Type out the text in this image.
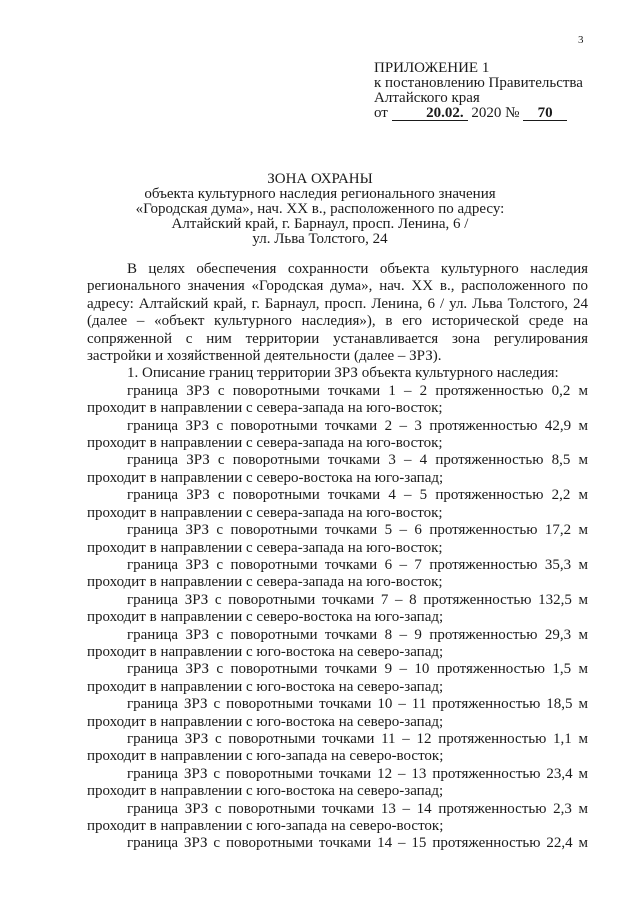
3
ПРИЛОЖЕНИЕ 1
к постановлению Правительства
Алтайского края
от	20.02. 2020 № 70
ЗОНА ОХРАНЫ
объекта культурного наследия регионального значения
«Городская дума», нач. XX в., расположенного по адресу:
Алтайский край, г. Барнаул, просп. Ленина, 6 /
ул. Льва Толстого, 24

В целях обеспечения сохранности объекта культурного наследия регионального значения «Городская дума», нач. XX в., расположенного по адресу: Алтайский край, г. Барнаул, просп. Ленина, 6 / ул. Льва Толстого, 24 (далее – «объект культурного наследия»), в его исторической среде на сопряженной с ним территории устанавливается зона регулирования застройки и хозяйственной деятельности (далее – ЗРЗ).

1. Описание границ территории ЗРЗ объекта культурного наследия:

граница ЗРЗ с поворотными точками 1 – 2 протяженностью 0,2 м
проходит в направлении с севера-запада на юго-восток;

граница ЗРЗ с поворотными точками 2 – 3 протяженностью 42,9 м
проходит в направлении с севера-запада на юго-восток;

граница ЗРЗ с поворотными точками 3 – 4 протяженностью 8,5 м
проходит в направлении с северо-востока на юго-запад;

граница ЗРЗ с поворотными точками 4 – 5 протяженностью 2,2 м
проходит в направлении с севера-запада на юго-восток;

граница ЗРЗ с поворотными точками 5 – 6 протяженностью 17,2 м
проходит в направлении с севера-запада на юго-восток;

граница ЗРЗ с поворотными точками 6 – 7 протяженностью 35,3 м
проходит в направлении с севера-запада на юго-восток;

граница ЗРЗ с поворотными точками 7 – 8 протяженностью 132,5 м
проходит в направлении с северо-востока на юго-запад;

граница ЗРЗ с поворотными точками 8 – 9 протяженностью 29,3 м
проходит в направлении с юго-востока на северо-запад;

граница ЗРЗ с поворотными точками 9 – 10 протяженностью 1,5 м
проходит в направлении с юго-востока на северо-запад;

граница ЗРЗ с поворотными точками 10 – 11 протяженностью 18,5 м
проходит в направлении с юго-востока на северо-запад;

граница ЗРЗ с поворотными точками 11 – 12 протяженностью 1,1 м
проходит в направлении с юго-запада на северо-восток;

граница ЗРЗ с поворотными точками 12 – 13 протяженностью 23,4 м
проходит в направлении с юго-востока на северо-запад;

граница ЗРЗ с поворотными точками 13 – 14 протяженностью 2,3 м
проходит в направлении с юго-запада на северо-восток;

граница ЗРЗ с поворотными точками 14 – 15 протяженностью 22,4 м
